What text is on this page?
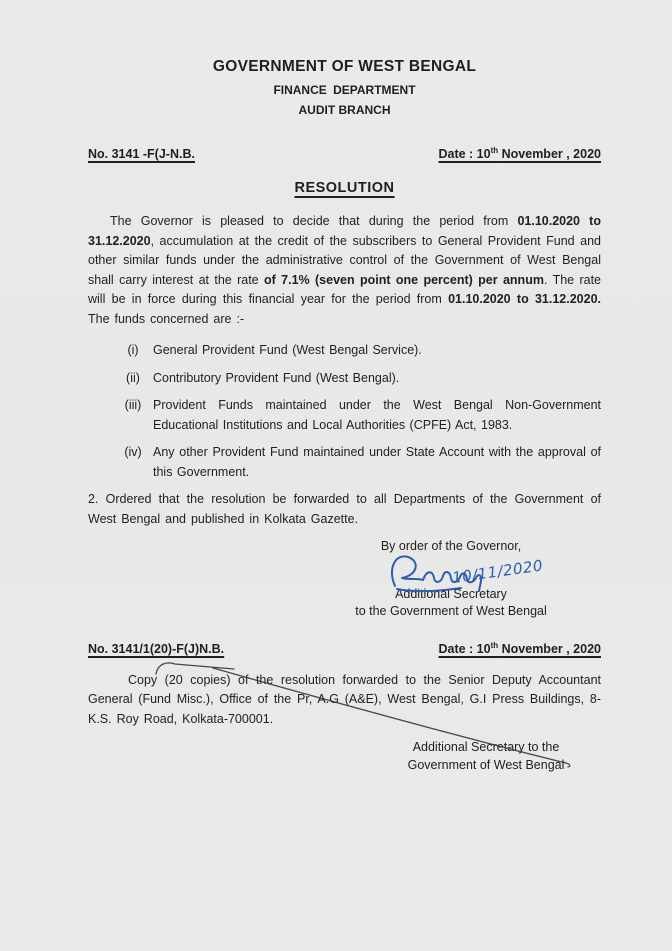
GOVERNMENT OF WEST BENGAL
FINANCE DEPARTMENT
AUDIT BRANCH
No. 3141 -F(J-N.B.	Date : 10th November , 2020
RESOLUTION

The Governor is pleased to decide that during the period from 01.10.2020 to 31.12.2020, accumulation at the credit of the subscribers to General Provident Fund and other similar funds under the administrative control of the Government of West Bengal shall carry interest at the rate of 7.1% (seven point one percent) per annum. The rate will be in force during this financial year for the period from 01.10.2020 to 31.12.2020. The funds concerned are :-

(i)	General Provident Fund (West Bengal Service).
(ii)	Contributory Provident Fund (West Bengal).
(iii) Provident Funds maintained under the West Bengal Non-Government Educational Institutions and Local Authorities (CPFE) Act, 1983.
(iv) Any other Provident Fund maintained under State Account with the approval of this Government.

2. Ordered that the resolution be forwarded to all Departments of the Government of West Bengal and published in Kolkata Gazette.

By order of the Governor,
Additional Secretary
to the Government of West Bengal
No. 3141/1(20)-F(J)N.B.	Date : 10th November , 2020

Copy (20 copies) of the resolution forwarded to the Senior Deputy Accountant General (Fund Misc.), Office of the Pr, A.G (A&E), West Bengal, G.I Press Buildings, 8- K.S. Roy Road, Kolkata-700001.

Additional Secretary to the
Government of West Bengal
10/11/2020
